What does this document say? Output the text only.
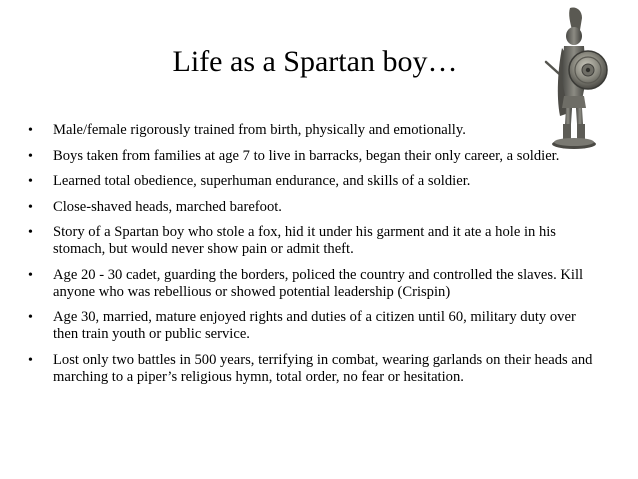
Life as a Spartan boy…
• Male/female rigorously trained from birth, physically and emotionally.
• Boys taken from families at age 7 to live in barracks, began their only career, a soldier.
• Learned total obedience, superhuman endurance, and skills of a soldier.
• Close-shaved heads, marched barefoot.
• Story of a Spartan boy who stole a fox, hid it under his garment and it ate a hole in his stomach, but would never show pain or admit theft.
• Age 20 - 30 cadet, guarding the borders, policed the country and controlled the slaves. Kill anyone who was rebellious or showed potential leadership (Crispin)
• Age 30, married, mature enjoyed rights and duties of a citizen until 60, military duty over then train youth or public service.
• Lost only two battles in 500 years, terrifying in combat, wearing garlands on their heads and marching to a piper’s religious hymn, total order, no fear or hesitation.
